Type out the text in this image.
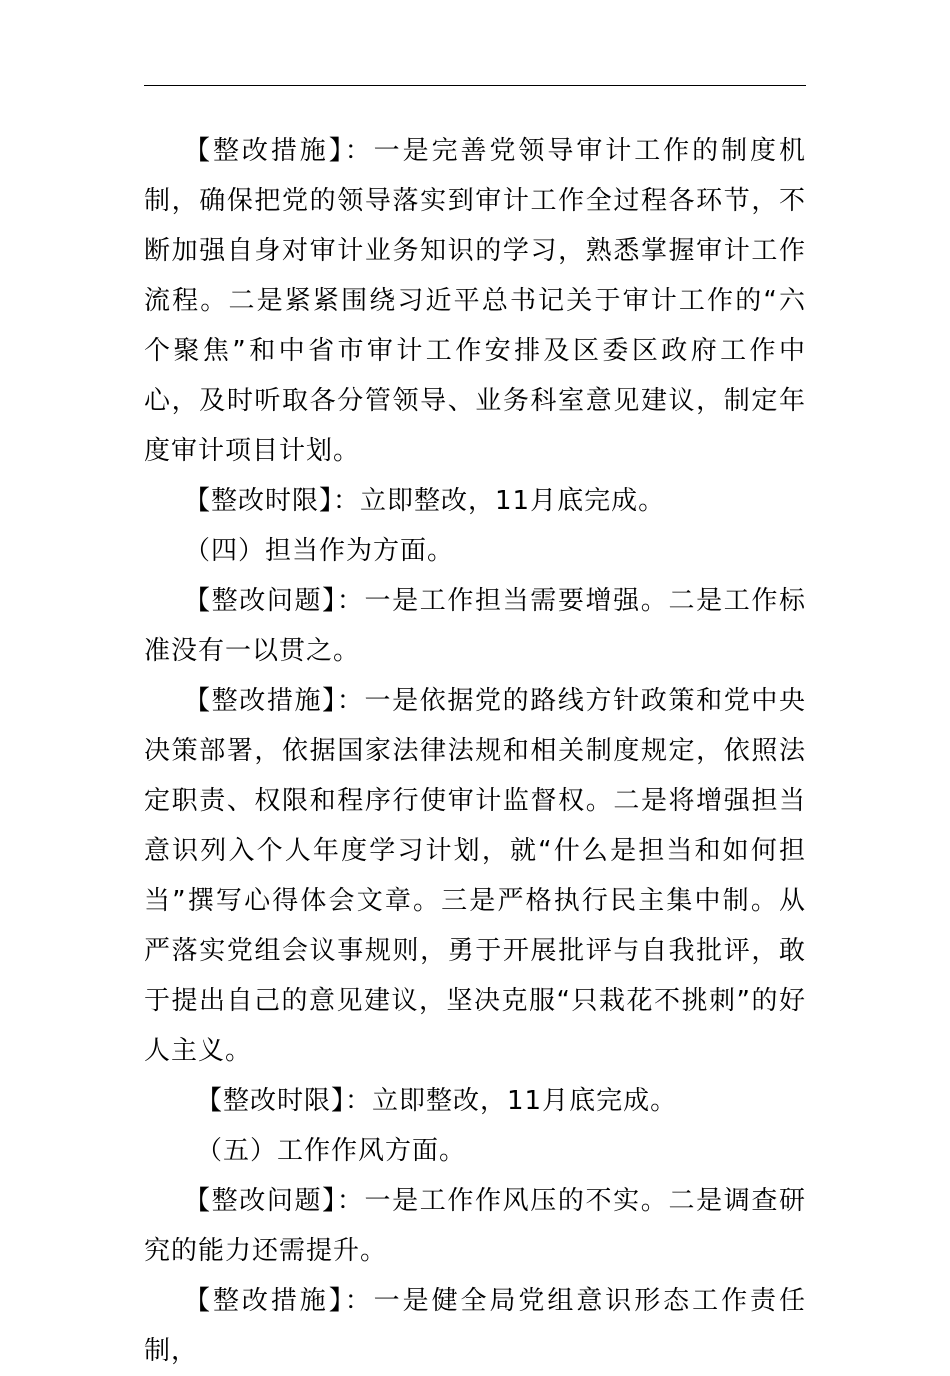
【整改措施】：一是完善党领导审计工作的制度机制，确保把党的领导落实到审计工作全过程各环节，不断加强自身对审计业务知识的学习，熟悉掌握审计工作流程。二是紧紧围绕习近平总书记关于审计工作的“六个聚焦”和中省市审计工作安排及区委区政府工作中心，及时听取各分管领导、业务科室意见建议，制定年度审计项目计划。

【整改时限】：立即整改，11月底完成。

（四）担当作为方面。

【整改问题】：一是工作担当需要增强。二是工作标准没有一以贯之。

【整改措施】：一是依据党的路线方针政策和党中央决策部署，依据国家法律法规和相关制度规定，依照法定职责、权限和程序行使审计监督权。二是将增强担当意识列入个人年度学习计划，就“什么是担当和如何担当”撰写心得体会文章。三是严格执行民主集中制。从严落实党组会议事规则，勇于开展批评与自我批评，敢于提出自己的意见建议，坚决克服“只栽花不挑刺”的好人主义。

【整改时限】：立即整改，11月底完成。

（五）工作作风方面。

【整改问题】：一是工作作风压的不实。二是调查研究的能力还需提升。

【整改措施】：一是健全局党组意识形态工作责任制，
